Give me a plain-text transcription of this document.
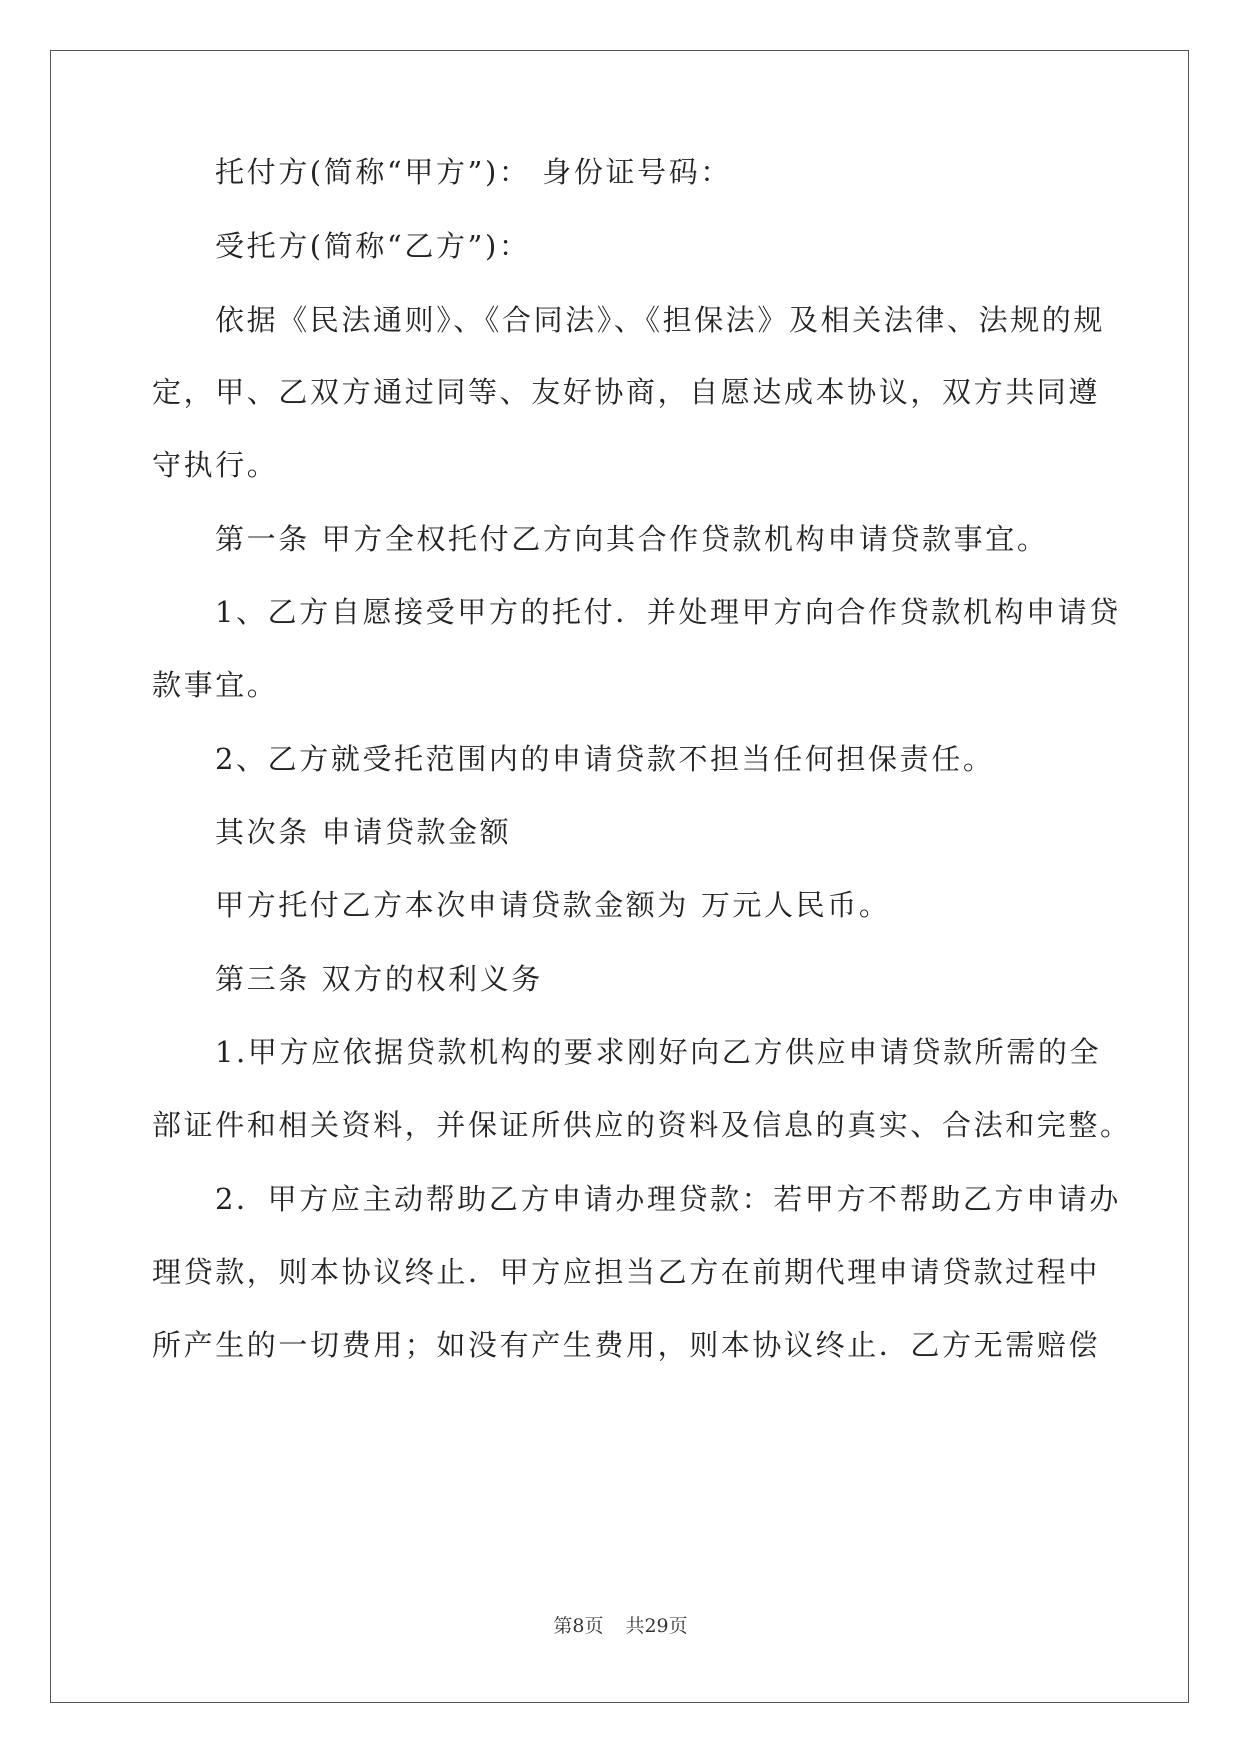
托付方(简称“甲方”)： 身份证号码：
受托方(简称“乙方”)：
依据《民法通则》、《合同法》、《担保法》及相关法律、法规的规
定，甲、乙双方通过同等、友好协商，自愿达成本协议，双方共同遵
守执行。
第一条 甲方全权托付乙方向其合作贷款机构申请贷款事宜。
1、乙方自愿接受甲方的托付．并处理甲方向合作贷款机构申请贷
款事宜。
2、乙方就受托范围内的申请贷款不担当任何担保责任。
其次条 申请贷款金额
甲方托付乙方本次申请贷款金额为 万元人民币。
第三条 双方的权利义务
1.甲方应依据贷款机构的要求刚好向乙方供应申请贷款所需的全
部证件和相关资料，并保证所供应的资料及信息的真实、合法和完整。
2．甲方应主动帮助乙方申请办理贷款：若甲方不帮助乙方申请办
理贷款，则本协议终止．甲方应担当乙方在前期代理申请贷款过程中
所产生的一切费用；如没有产生费用，则本协议终止．乙方无需赔偿
第8页 共29页
